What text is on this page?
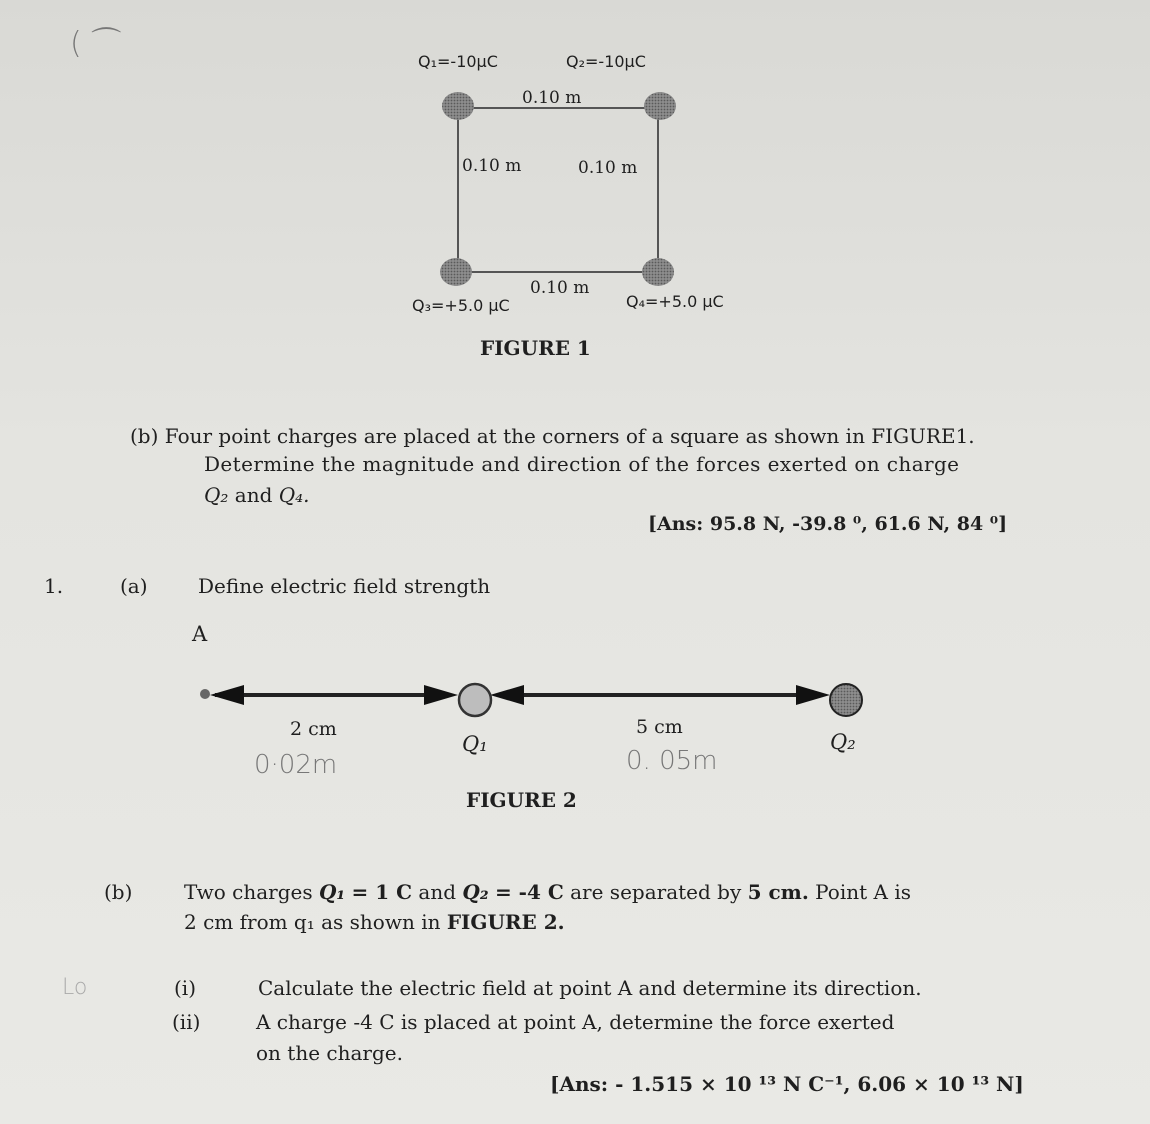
( ⌒
Lo
Q₁=-10μC	Q₂=-10μC
0.10 m
0.10 m	0.10 m
0.10 m
Q₃=+5.0 μC	Q₄=+5.0 μC
FIGURE 1
(b) Four point charges are placed at the corners of a square as shown in FIGURE1.
Determine the magnitude and direction of the forces exerted on charge
Q₂ and Q₄.
[Ans: 95.8 N, -39.8 ⁰, 61.6 N, 84 ⁰]
1.	(a)	Define electric field strength
A
2 cm	5 cm
Q₁	Q₂
0·02m	0. 05m
FIGURE 2
(b)	Two charges Q₁ = 1 C and Q₂ = -4 C are separated by 5 cm. Point A is
2 cm from q₁ as shown in FIGURE 2.
(i)	Calculate the electric field at point A and determine its direction.
(ii)	A charge -4 C is placed at point A, determine the force exerted
on the charge.
[Ans: - 1.515 × 10 ¹³ N C⁻¹, 6.06 × 10 ¹³ N]
